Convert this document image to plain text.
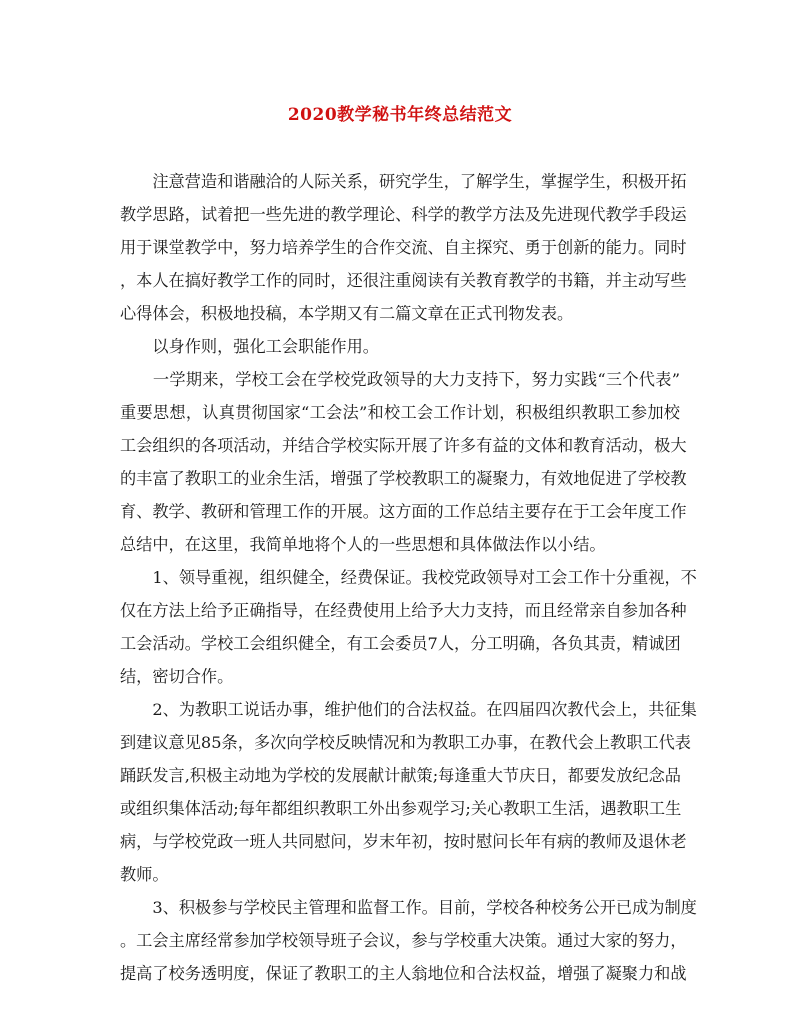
2020教学秘书年终总结范文
　　注意营造和谐融洽的人际关系，研究学生，了解学生，掌握学生，积极开拓
教学思路，试着把一些先进的教学理论、科学的教学方法及先进现代教学手段运
用于课堂教学中，努力培养学生的合作交流、自主探究、勇于创新的能力。同时
，本人在搞好教学工作的同时，还很注重阅读有关教育教学的书籍，并主动写些
心得体会，积极地投稿，本学期又有二篇文章在正式刊物发表。
　　以身作则，强化工会职能作用。
　　一学期来，学校工会在学校党政领导的大力支持下，努力实践“三个代表”
重要思想，认真贯彻国家“工会法”和校工会工作计划，积极组织教职工参加校
工会组织的各项活动，并结合学校实际开展了许多有益的文体和教育活动，极大
的丰富了教职工的业余生活，增强了学校教职工的凝聚力，有效地促进了学校教
育、教学、教研和管理工作的开展。这方面的工作总结主要存在于工会年度工作
总结中，在这里，我简单地将个人的一些思想和具体做法作以小结。
　　1、领导重视，组织健全，经费保证。我校党政领导对工会工作十分重视，不
仅在方法上给予正确指导，在经费使用上给予大力支持，而且经常亲自参加各种
工会活动。学校工会组织健全，有工会委员7人，分工明确，各负其责，精诚团
结，密切合作。
　　2、为教职工说话办事，维护他们的合法权益。在四届四次教代会上，共征集
到建议意见85条，多次向学校反映情况和为教职工办事，在教代会上教职工代表
踊跃发言,积极主动地为学校的发展献计献策;每逢重大节庆日，都要发放纪念品
或组织集体活动;每年都组织教职工外出参观学习;关心教职工生活，遇教职工生
病，与学校党政一班人共同慰问，岁末年初，按时慰问长年有病的教师及退休老
教师。
　　3、积极参与学校民主管理和监督工作。目前，学校各种校务公开已成为制度
。工会主席经常参加学校领导班子会议，参与学校重大决策。通过大家的努力，
提高了校务透明度，保证了教职工的主人翁地位和合法权益，增强了凝聚力和战
